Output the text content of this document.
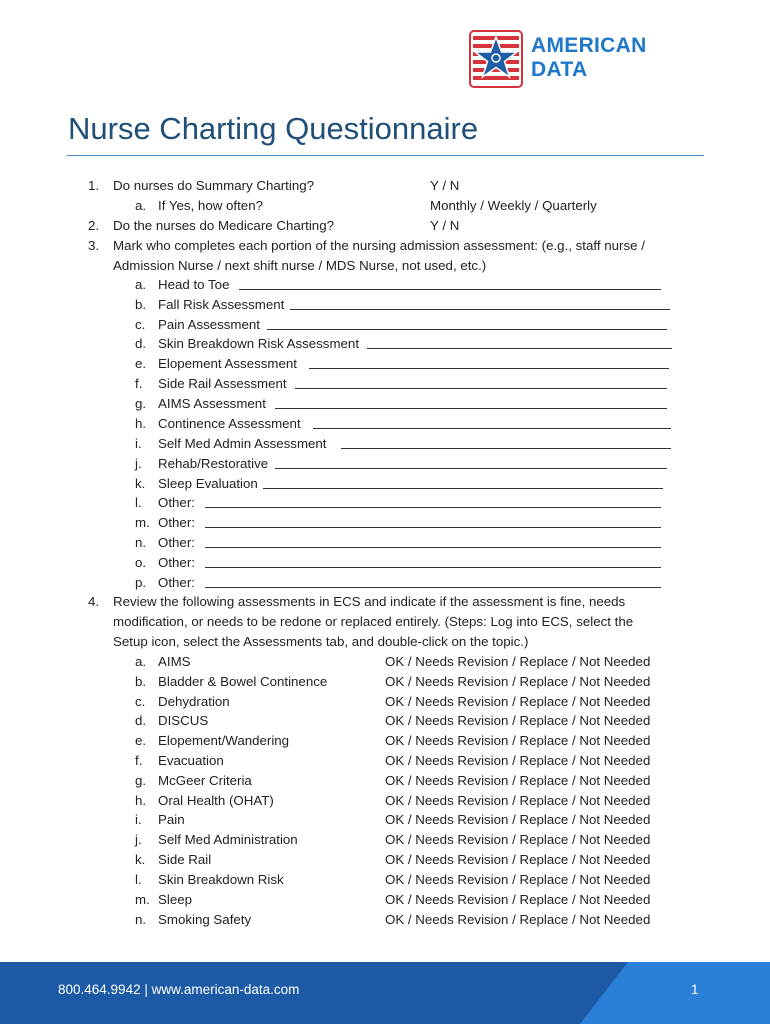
AMERICAN
DATA
Nurse Charting Questionnaire
1. Do nurses do Summary Charting?	Y / N
a. If Yes, how often?	Monthly / Weekly / Quarterly
2. Do the nurses do Medicare Charting?	Y / N
3. Mark who completes each portion of the nursing admission assessment: (e.g., staff nurse /
Admission Nurse / next shift nurse / MDS Nurse, not used, etc.)
a. Head to Toe
b. Fall Risk Assessment
c. Pain Assessment
d. Skin Breakdown Risk Assessment
e. Elopement Assessment
f. Side Rail Assessment
g. AIMS Assessment
h. Continence Assessment
i. Self Med Admin Assessment
j. Rehab/Restorative
k. Sleep Evaluation
l. Other:
m. Other:
n. Other:
o. Other:
p. Other:
4. Review the following assessments in ECS and indicate if the assessment is fine, needs
modification, or needs to be redone or replaced entirely. (Steps: Log into ECS, select the
Setup icon, select the Assessments tab, and double-click on the topic.)
a. AIMS	OK / Needs Revision / Replace / Not Needed
b. Bladder & Bowel Continence	OK / Needs Revision / Replace / Not Needed
c. Dehydration	OK / Needs Revision / Replace / Not Needed
d. DISCUS	OK / Needs Revision / Replace / Not Needed
e. Elopement/Wandering	OK / Needs Revision / Replace / Not Needed
f. Evacuation	OK / Needs Revision / Replace / Not Needed
g. McGeer Criteria	OK / Needs Revision / Replace / Not Needed
h. Oral Health (OHAT)	OK / Needs Revision / Replace / Not Needed
i. Pain	OK / Needs Revision / Replace / Not Needed
j. Self Med Administration	OK / Needs Revision / Replace / Not Needed
k. Side Rail	OK / Needs Revision / Replace / Not Needed
l. Skin Breakdown Risk	OK / Needs Revision / Replace / Not Needed
m. Sleep	OK / Needs Revision / Replace / Not Needed
n. Smoking Safety	OK / Needs Revision / Replace / Not Needed
800.464.9942 | www.american-data.com	1
